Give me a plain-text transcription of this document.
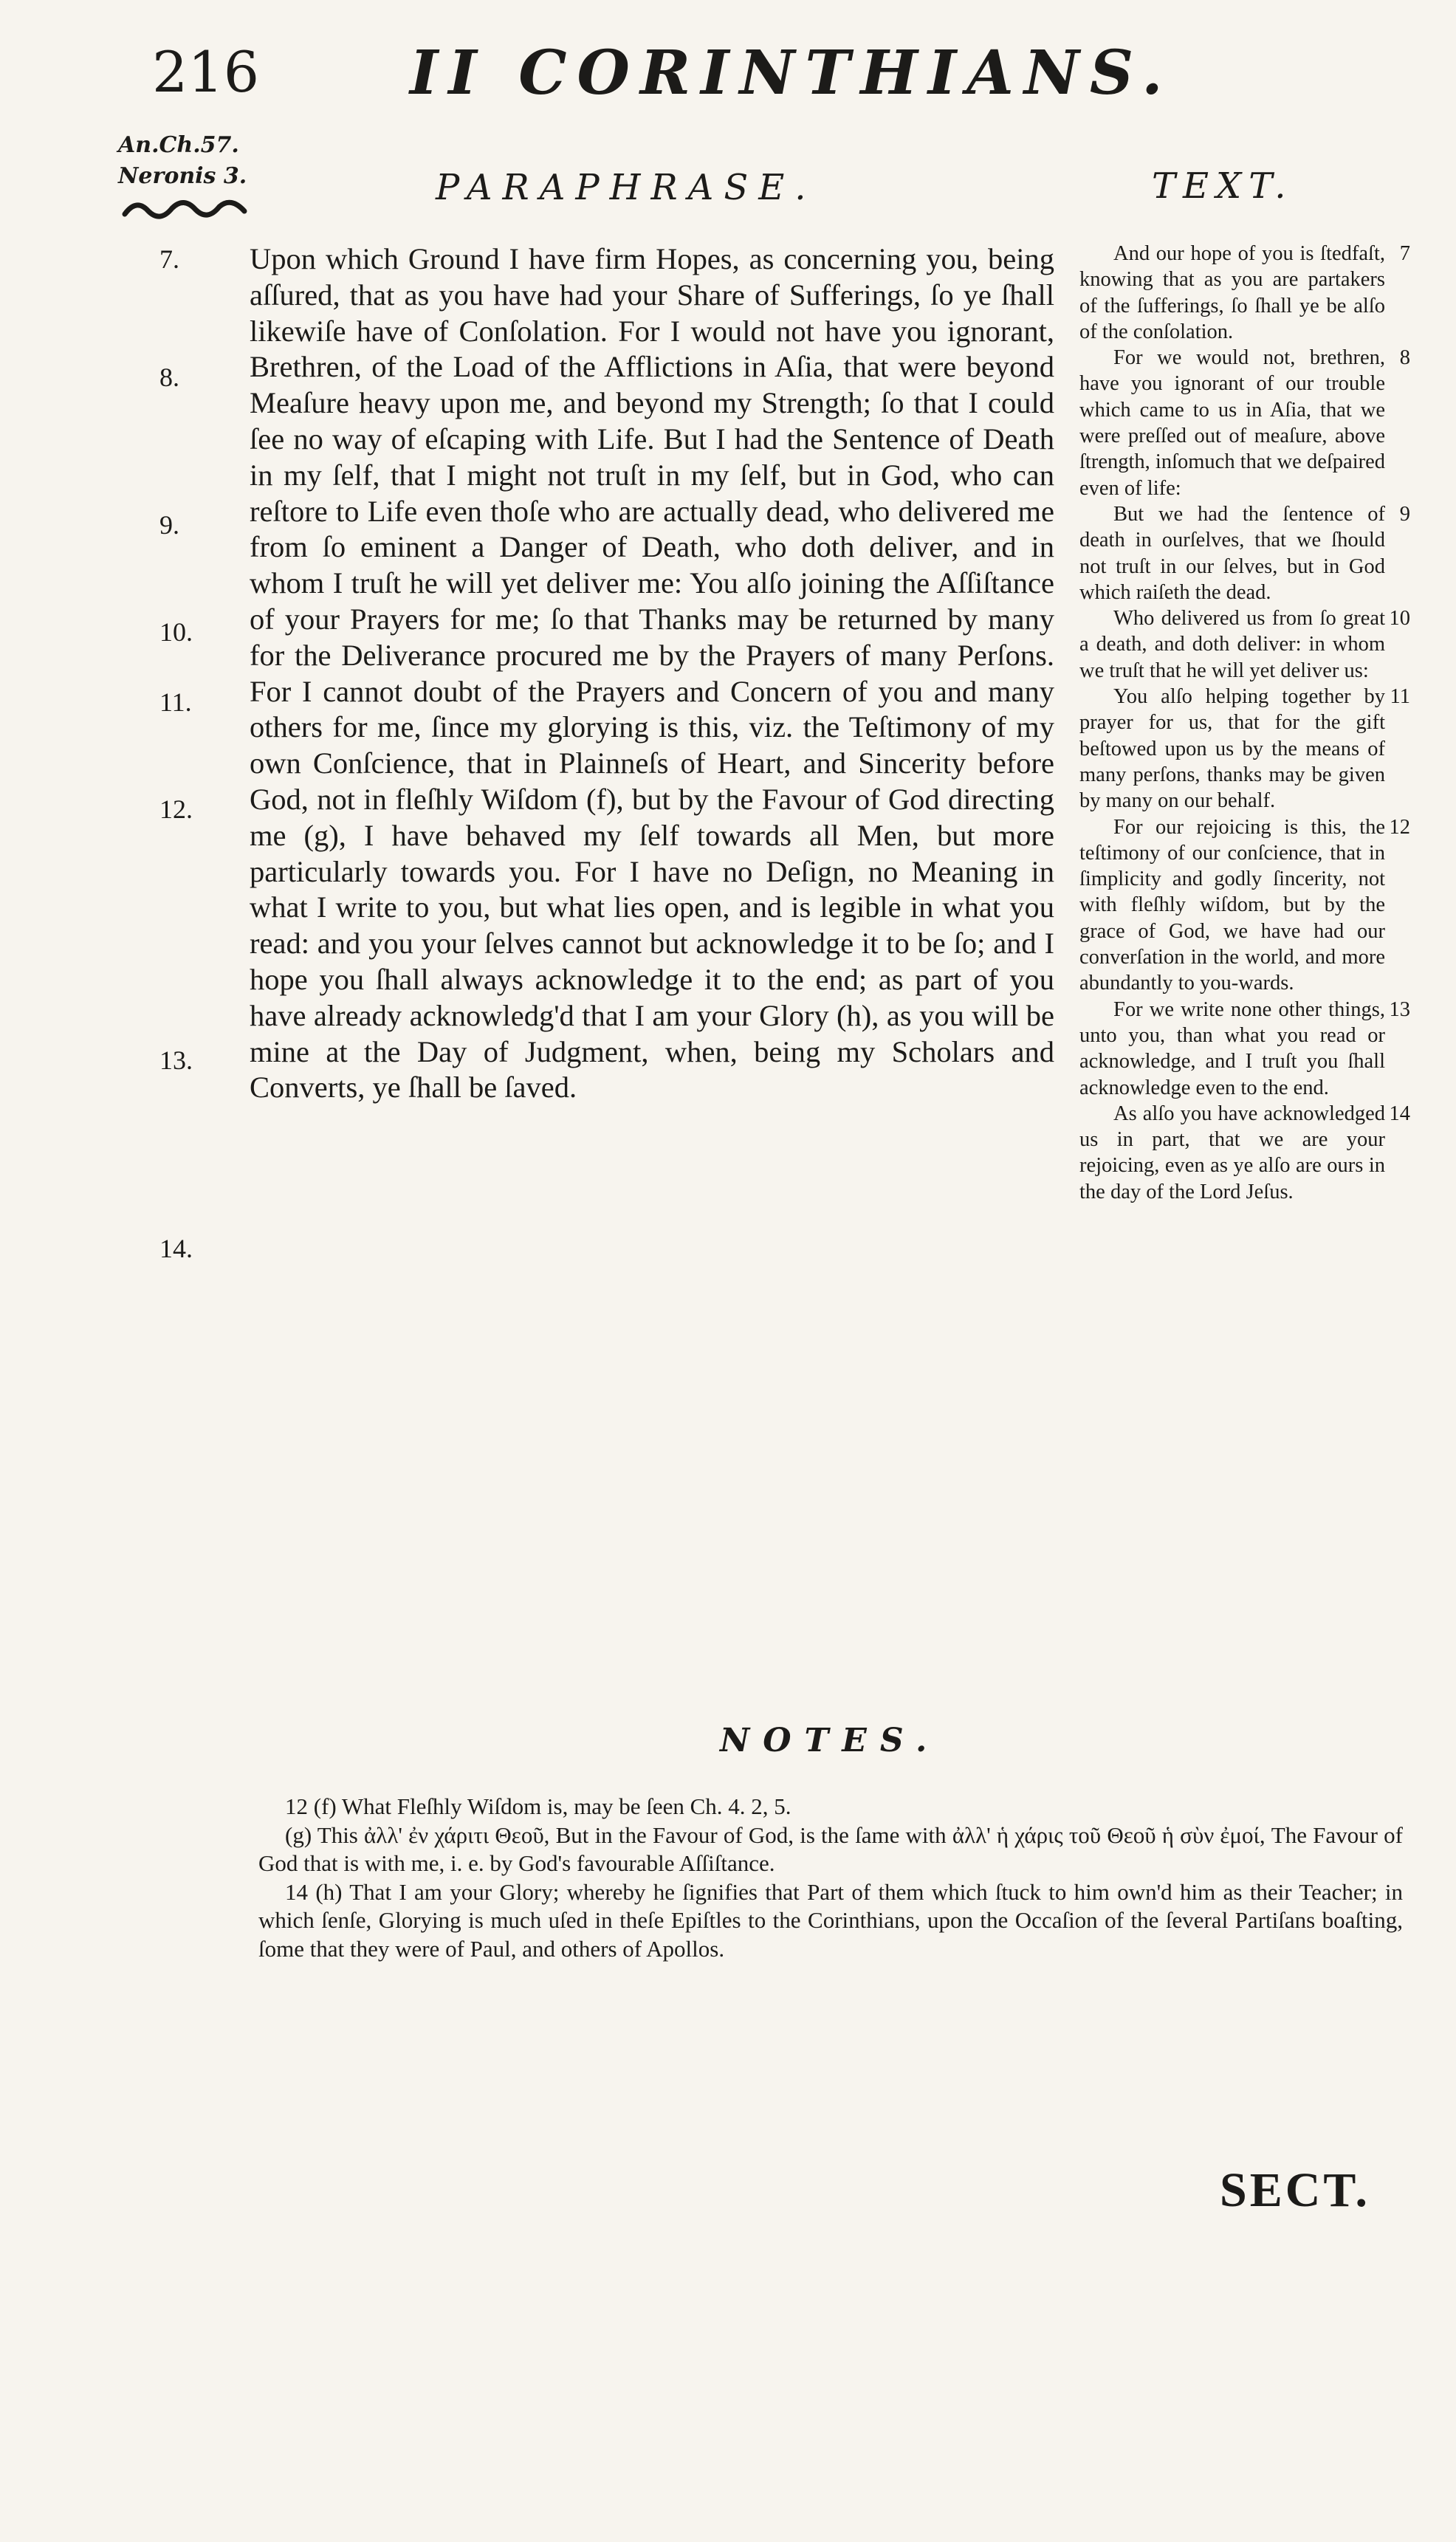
216 II CORINTHIANS.
An.Ch.57.
Neronis 3.	PARAPHRASE.	TEXT.
7.
8.
9.
10.
11.
12.
13.
14.
Upon which Ground I have firm Hopes, as concerning you, being aſſured, that as you have had your Share of Sufferings, ſo ye ſhall likewiſe have of Conſolation. For I would not have you ignorant, Brethren, of the Load of the Afflictions in Aſia, that were beyond Meaſure heavy upon me, and beyond my Strength; ſo that I could ſee no way of eſcaping with Life. But I had the Sentence of Death in my ſelf, that I might not truſt in my ſelf, but in God, who can reſtore to Life even thoſe who are actually dead, who delivered me from ſo eminent a Danger of Death, who doth deliver, and in whom I truſt he will yet deliver me: You alſo joining the Aſſiſtance of your Prayers for me; ſo that Thanks may be returned by many for the Deliverance procured me by the Prayers of many Perſons. For I cannot doubt of the Prayers and Concern of you and many others for me, ſince my glorying is this, viz. the Teſtimony of my own Conſcience, that in Plainneſs of Heart, and Sincerity before God, not in fleſhly Wiſdom (f), but by the Favour of God directing me (g), I have behaved my ſelf towards all Men, but more particularly towards you. For I have no Deſign, no Meaning in what I write to you, but what lies open, and is legible in what you read: and you your ſelves cannot but acknowledge it to be ſo; and I hope you ſhall always acknowledge it to the end; as part of you have already acknowledg'd that I am your Glory (h), as you will be mine at the Day of Judgment, when, being my Scholars and Converts, ye ſhall be ſaved.

And our hope of you is ſtedfaſt, knowing that as you are partakers of the ſufferings, ſo ſhall ye be alſo of the conſolation.
7

For we would not, brethren, have you ignorant of our trouble which came to us in Aſia, that we were preſſed out of meaſure, above ſtrength, inſomuch that we deſpaired even of life:
8

But we had the ſentence of death in ourſelves, that we ſhould not truſt in our ſelves, but in God which raiſeth the dead.
9

Who delivered us from ſo great a death, and doth deliver: in whom we truſt that he will yet deliver us:
10

You alſo helping together by prayer for us, that for the gift beſtowed upon us by the means of many perſons, thanks may be given by many on our behalf.
11

For our rejoicing is this, the teſtimony of our conſcience, that in ſimplicity and godly ſincerity, not with fleſhly wiſdom, but by the grace of God, we have had our converſation in the world, and more abundantly to you-wards.
12

For we write none other things, unto you, than what you read or acknowledge, and I truſt you ſhall acknowledge even to the end.
13

As alſo you have acknowledged us in part, that we are your rejoicing, even as ye alſo are ours in the day of the Lord Jeſus.
14

NOTES.

12 (f) What Fleſhly Wiſdom is, may be ſeen Ch. 4. 2, 5.

(g) This ἀλλ' ἐν χάριτι Θεοῦ, But in the Favour of God, is the ſame with ἀλλ' ἡ χάρις τοῦ Θεοῦ ἡ σὺν ἐμοί, The Favour of God that is with me, i. e. by God's favourable Aſſiſtance.

14 (h) That I am your Glory; whereby he ſignifies that Part of them which ſtuck to him own'd him as their Teacher; in which ſenſe, Glorying is much uſed in theſe Epiſtles to the Corinthians, upon the Occaſion of the ſeveral Partiſans boaſting, ſome that they were of Paul, and others of Apollos.

SECT.
